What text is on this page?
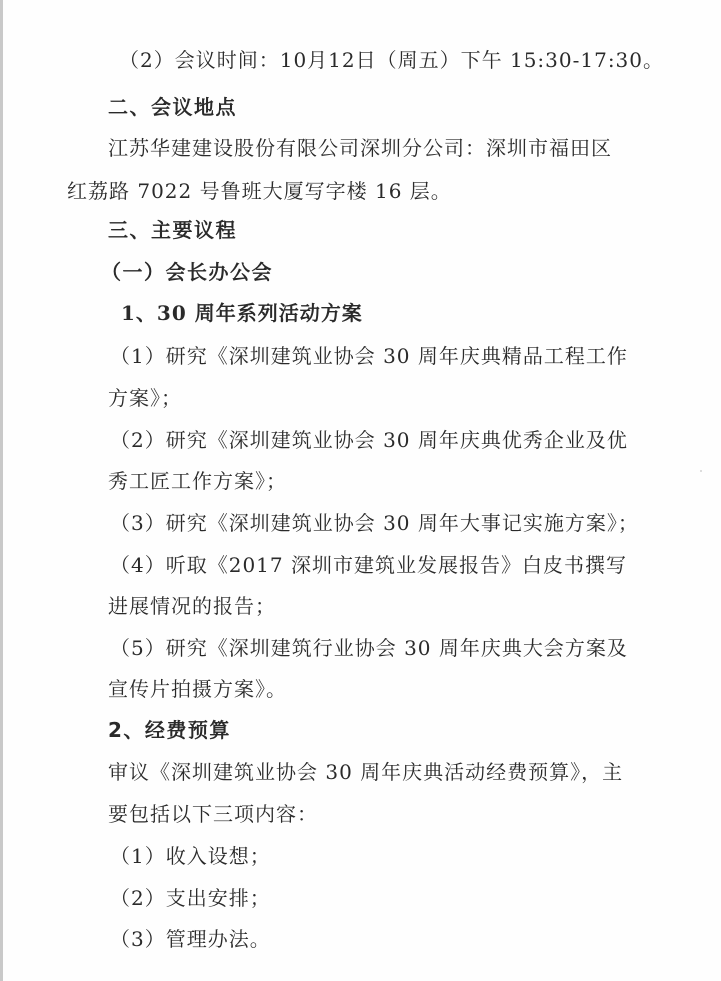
（2）会议时间：10月12日（周五）下午 15:30-17:30。
二、会议地点
江苏华建建设股份有限公司深圳分公司：深圳市福田区
红荔路 7022 号鲁班大厦写字楼 16 层。
三、主要议程
（一）会长办公会
1、30 周年系列活动方案
（1）研究《深圳建筑业协会 30 周年庆典精品工程工作
方案》；
（2）研究《深圳建筑业协会 30 周年庆典优秀企业及优
秀工匠工作方案》；
（3）研究《深圳建筑业协会 30 周年大事记实施方案》；
（4）听取《2017 深圳市建筑业发展报告》白皮书撰写
进展情况的报告；
（5）研究《深圳建筑行业协会 30 周年庆典大会方案及
宣传片拍摄方案》。
2、经费预算
审议《深圳建筑业协会 30 周年庆典活动经费预算》，主
要包括以下三项内容：
（1）收入设想；
（2）支出安排；
（3）管理办法。
